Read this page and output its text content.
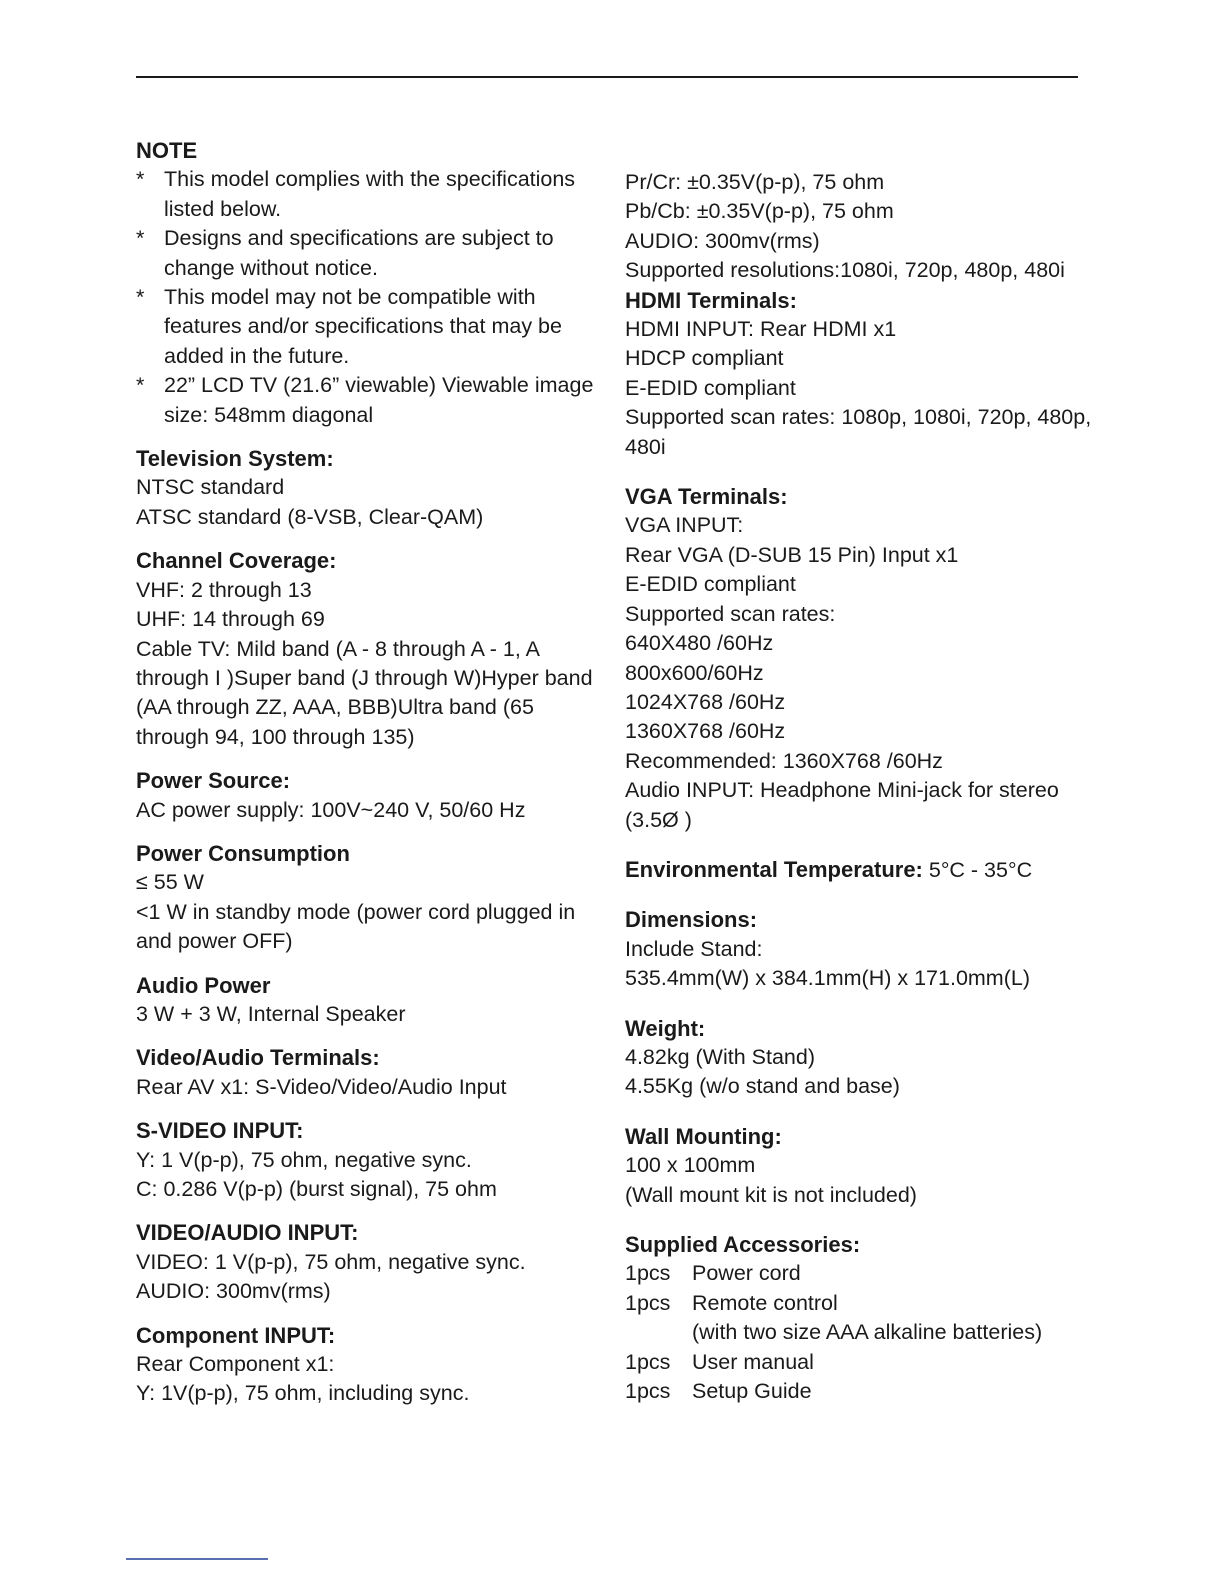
NOTE
* This model complies with the specifications listed below.
* Designs and specifications are subject to change without notice.
* This model may not be compatible with features and/or specifications that may be added in the future.
* 22” LCD TV (21.6” viewable) Viewable image size: 548mm diagonal
Television System:
NTSC standard
ATSC standard (8-VSB, Clear-QAM)
Channel Coverage:
VHF: 2 through 13
UHF: 14 through 69
Cable TV: Mild band (A - 8 through A - 1, A through I )Super band (J through W)Hyper band (AA through ZZ, AAA, BBB)Ultra band (65 through 94, 100 through 135)
Power Source:
AC power supply: 100V~240 V, 50/60 Hz
Power Consumption
≤ 55 W
<1 W in standby mode (power cord plugged in and power OFF)
Audio Power
3 W + 3 W, Internal Speaker
Video/Audio Terminals:
Rear AV x1: S-Video/Video/Audio Input
S-VIDEO INPUT:
Y: 1 V(p-p), 75 ohm, negative sync.
C: 0.286 V(p-p) (burst signal), 75 ohm
VIDEO/AUDIO INPUT:
VIDEO: 1 V(p-p), 75 ohm, negative sync.
AUDIO: 300mv(rms)
Component INPUT:
Rear Component x1:
Y: 1V(p-p), 75 ohm, including sync.
Pr/Cr: ±0.35V(p-p), 75 ohm
Pb/Cb: ±0.35V(p-p), 75 ohm
AUDIO: 300mv(rms)
Supported resolutions:1080i, 720p, 480p, 480i
HDMI Terminals:
HDMI INPUT: Rear HDMI x1
HDCP compliant
E-EDID compliant
Supported scan rates: 1080p, 1080i, 720p, 480p, 480i
VGA Terminals:
VGA INPUT:
Rear VGA (D-SUB 15 Pin) Input x1
E-EDID compliant
Supported scan rates:
640X480 /60Hz
800x600/60Hz
1024X768 /60Hz
1360X768 /60Hz
Recommended: 1360X768 /60Hz
Audio INPUT: Headphone Mini-jack for stereo (3.5Ø )
Environmental Temperature: 5°C - 35°C
Dimensions:
Include Stand:
535.4mm(W) x 384.1mm(H) x 171.0mm(L)
Weight:
4.82kg (With Stand)
4.55Kg (w/o stand and base)
Wall Mounting:
100 x 100mm
(Wall mount kit is not included)
Supplied Accessories:
1pcs	Power cord
1pcs	Remote control
(with two size AAA alkaline batteries)
1pcs	User manual
1pcs	Setup Guide
